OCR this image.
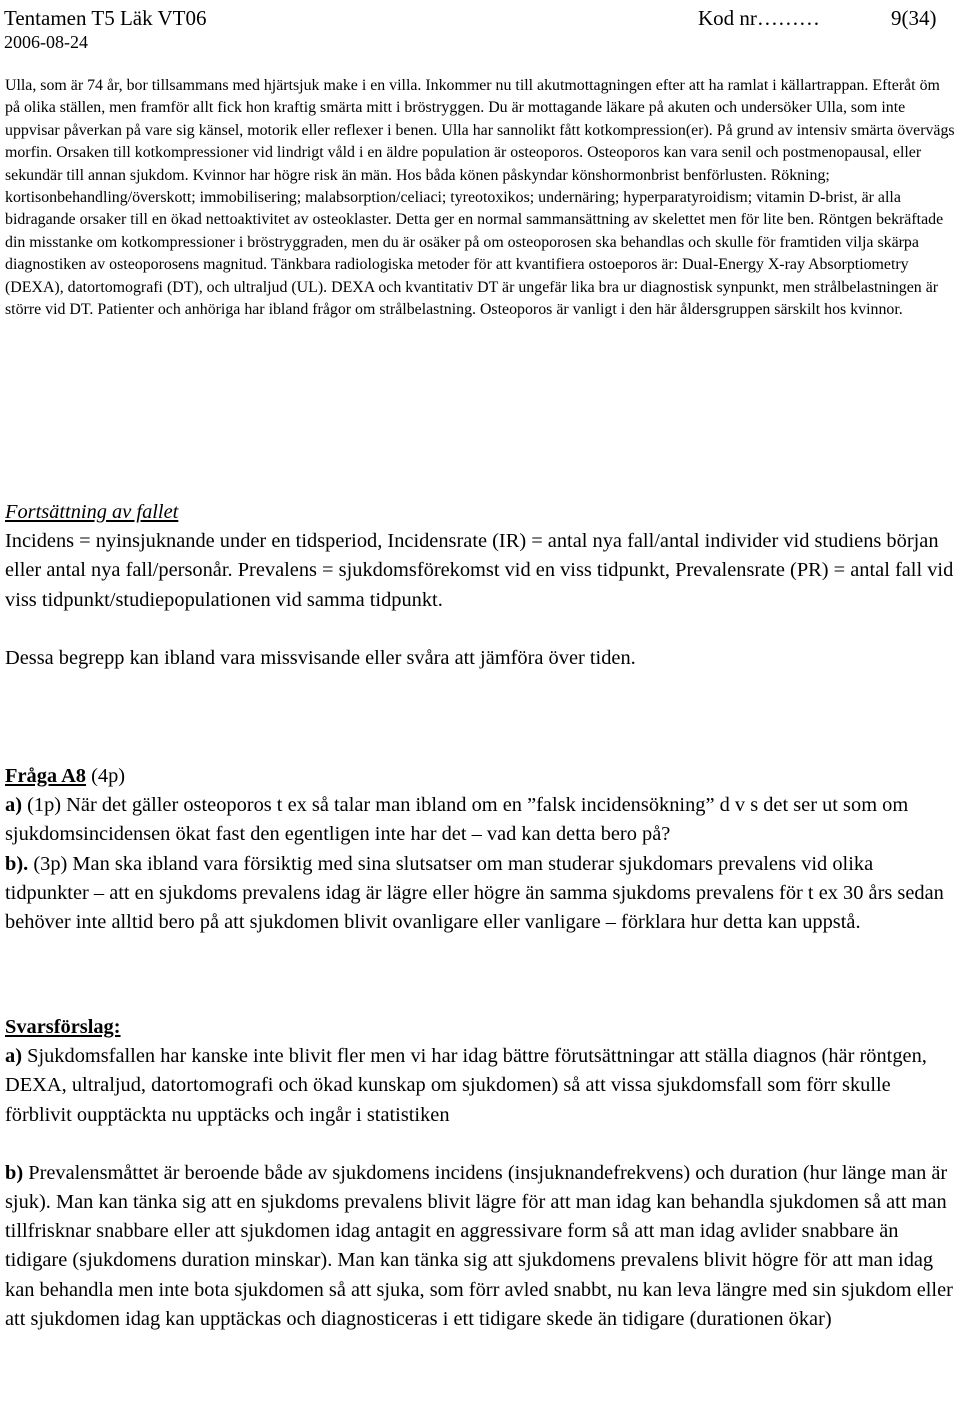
Tentamen T5 Läk VT06	Kod nr………	9(34)
2006-08-24

Ulla, som är 74 år, bor tillsammans med hjärtsjuk make i en villa. Inkommer nu till akutmottagningen efter att ha ramlat i källartrappan. Efteråt öm på olika ställen, men framför allt fick hon kraftig smärta mitt i bröstryggen. Du är mottagande läkare på akuten och undersöker Ulla, som inte uppvisar påverkan på vare sig känsel, motorik eller reflexer i benen. Ulla har sannolikt fått kotkompression(er). På grund av intensiv smärta övervägs morfin. Orsaken till kotkompressioner vid lindrigt våld i en äldre population är osteoporos. Osteoporos kan vara senil och postmenopausal, eller sekundär till annan sjukdom. Kvinnor har högre risk än män. Hos båda könen påskyndar könshormonbrist benförlusten. Rökning; kortisonbehandling/överskott; immobilisering; malabsorption/celiaci; tyreotoxikos; undernäring; hyperparatyroidism; vitamin D-brist, är alla bidragande orsaker till en ökad nettoaktivitet av osteoklaster. Detta ger en normal sammansättning av skelettet men för lite ben. Röntgen bekräftade din misstanke om kotkompressioner i bröstryggraden, men du är osäker på om osteoporosen ska behandlas och skulle för framtiden vilja skärpa diagnostiken av osteoporosens magnitud. Tänkbara radiologiska metoder för att kvantifiera ostoeporos är: Dual-Energy X-ray Absorptiometry (DEXA), datortomografi (DT), och ultraljud (UL). DEXA och kvantitativ DT är ungefär lika bra ur diagnostisk synpunkt, men strålbelastningen är större vid DT. Patienter och anhöriga har ibland frågor om strålbelastning. Osteoporos är vanligt i den här åldersgruppen särskilt hos kvinnor.

Fortsättning av fallet

Incidens = nyinsjuknande under en tidsperiod, Incidensrate (IR) = antal nya fall/antal individer vid studiens början eller antal nya fall/personår. Prevalens = sjukdomsförekomst vid en viss tidpunkt, Prevalensrate (PR) = antal fall vid viss tidpunkt/studiepopulationen vid samma tidpunkt.

Dessa begrepp kan ibland vara missvisande eller svåra att jämföra över tiden.

Fråga A8 (4p)

a) (1p) När det gäller osteoporos t ex så talar man ibland om en ”falsk incidensökning” d v s det ser ut som om sjukdomsincidensen ökat fast den egentligen inte har det – vad kan detta bero på?

b). (3p) Man ska ibland vara försiktig med sina slutsatser om man studerar sjukdomars prevalens vid olika tidpunkter – att en sjukdoms prevalens idag är lägre eller högre än samma sjukdoms prevalens för t ex 30 års sedan behöver inte alltid bero på att sjukdomen blivit ovanligare eller vanligare – förklara hur detta kan uppstå.

Svarsförslag:

a) Sjukdomsfallen har kanske inte blivit fler men vi har idag bättre förutsättningar att ställa diagnos (här röntgen, DEXA, ultraljud, datortomografi och ökad kunskap om sjukdomen) så att vissa sjukdomsfall som förr skulle förblivit oupptäckta nu upptäcks och ingår i statistiken

b) Prevalensmåttet är beroende både av sjukdomens incidens (insjuknandefrekvens) och duration (hur länge man är sjuk). Man kan tänka sig att en sjukdoms prevalens blivit lägre för att man idag kan behandla sjukdomen så att man tillfrisknar snabbare eller att sjukdomen idag antagit en aggressivare form så att man idag avlider snabbare än tidigare (sjukdomens duration minskar). Man kan tänka sig att sjukdomens prevalens blivit högre för att man idag kan behandla men inte bota sjukdomen så att sjuka, som förr avled snabbt, nu kan leva längre med sin sjukdom eller att sjukdomen idag kan upptäckas och diagnosticeras i ett tidigare skede än tidigare (durationen ökar)
